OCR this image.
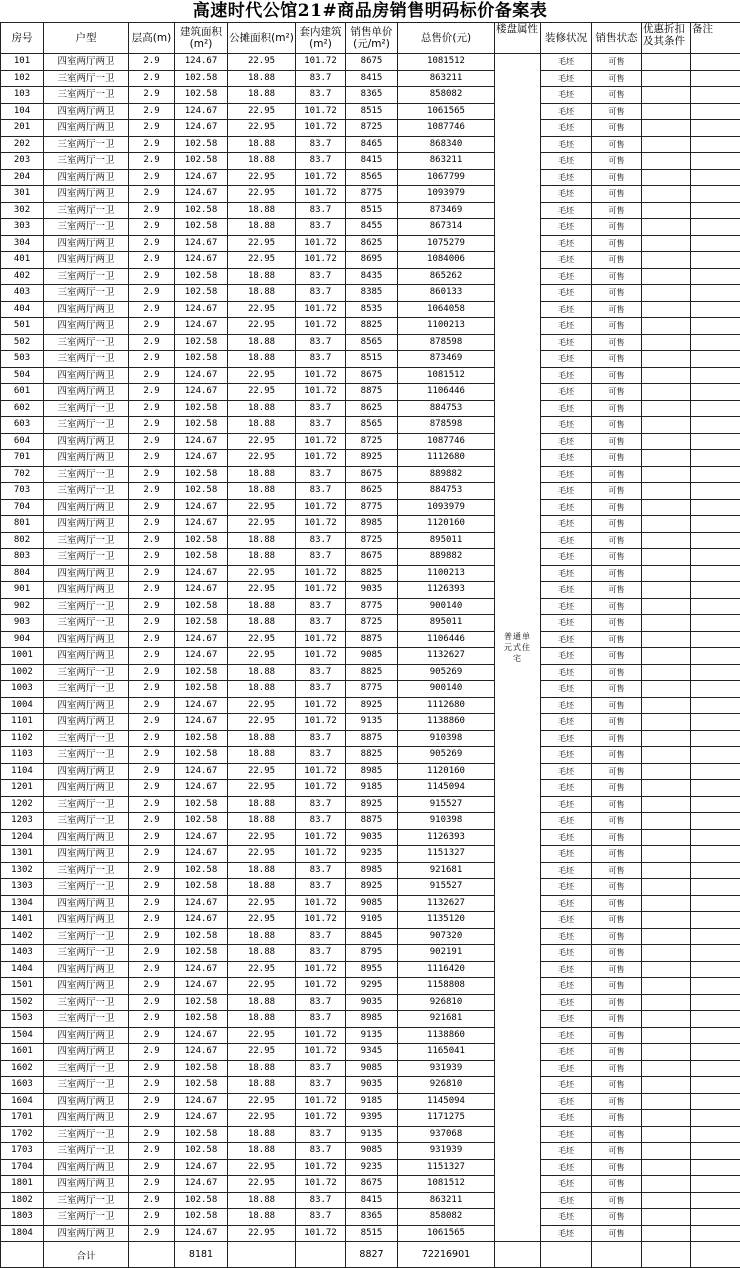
高速时代公馆21#商品房销售明码标价备案表
房号	户型	层高(m)	建筑面积(m²)	公摊面积(m²)	套内建筑(m²)	销售单价(元/m²)	总售价(元)	楼盘属性	装修状况	销售状态	优惠折扣及其条件	备注
101	四室两厅两卫	2.9	124.67	22.95	101.72	8675	1081512	普通单元式住宅	毛坯	可售		
102	三室两厅一卫	2.9	102.58	18.88	83.7	8415	863211		毛坯	可售		
103	三室两厅一卫	2.9	102.58	18.88	83.7	8365	858082		毛坯	可售		
104	四室两厅两卫	2.9	124.67	22.95	101.72	8515	1061565		毛坯	可售		
201	四室两厅两卫	2.9	124.67	22.95	101.72	8725	1087746		毛坯	可售		
202	三室两厅一卫	2.9	102.58	18.88	83.7	8465	868340		毛坯	可售		
203	三室两厅一卫	2.9	102.58	18.88	83.7	8415	863211		毛坯	可售		
204	四室两厅两卫	2.9	124.67	22.95	101.72	8565	1067799		毛坯	可售		
301	四室两厅两卫	2.9	124.67	22.95	101.72	8775	1093979		毛坯	可售		
302	三室两厅一卫	2.9	102.58	18.88	83.7	8515	873469		毛坯	可售		
303	三室两厅一卫	2.9	102.58	18.88	83.7	8455	867314		毛坯	可售		
304	四室两厅两卫	2.9	124.67	22.95	101.72	8625	1075279		毛坯	可售		
401	四室两厅两卫	2.9	124.67	22.95	101.72	8695	1084006		毛坯	可售		
402	三室两厅一卫	2.9	102.58	18.88	83.7	8435	865262		毛坯	可售		
403	三室两厅一卫	2.9	102.58	18.88	83.7	8385	860133		毛坯	可售		
404	四室两厅两卫	2.9	124.67	22.95	101.72	8535	1064058		毛坯	可售		
501	四室两厅两卫	2.9	124.67	22.95	101.72	8825	1100213		毛坯	可售		
502	三室两厅一卫	2.9	102.58	18.88	83.7	8565	878598		毛坯	可售		
503	三室两厅一卫	2.9	102.58	18.88	83.7	8515	873469		毛坯	可售		
504	四室两厅两卫	2.9	124.67	22.95	101.72	8675	1081512		毛坯	可售		
601	四室两厅两卫	2.9	124.67	22.95	101.72	8875	1106446		毛坯	可售		
602	三室两厅一卫	2.9	102.58	18.88	83.7	8625	884753		毛坯	可售		
603	三室两厅一卫	2.9	102.58	18.88	83.7	8565	878598		毛坯	可售		
604	四室两厅两卫	2.9	124.67	22.95	101.72	8725	1087746		毛坯	可售		
701	四室两厅两卫	2.9	124.67	22.95	101.72	8925	1112680		毛坯	可售		
702	三室两厅一卫	2.9	102.58	18.88	83.7	8675	889882		毛坯	可售		
703	三室两厅一卫	2.9	102.58	18.88	83.7	8625	884753		毛坯	可售		
704	四室两厅两卫	2.9	124.67	22.95	101.72	8775	1093979		毛坯	可售		
801	四室两厅两卫	2.9	124.67	22.95	101.72	8985	1120160		毛坯	可售		
802	三室两厅一卫	2.9	102.58	18.88	83.7	8725	895011		毛坯	可售		
803	三室两厅一卫	2.9	102.58	18.88	83.7	8675	889882		毛坯	可售		
804	四室两厅两卫	2.9	124.67	22.95	101.72	8825	1100213		毛坯	可售		
901	四室两厅两卫	2.9	124.67	22.95	101.72	9035	1126393		毛坯	可售		
902	三室两厅一卫	2.9	102.58	18.88	83.7	8775	900140		毛坯	可售		
903	三室两厅一卫	2.9	102.58	18.88	83.7	8725	895011		毛坯	可售		
904	四室两厅两卫	2.9	124.67	22.95	101.72	8875	1106446		毛坯	可售		
1001	四室两厅两卫	2.9	124.67	22.95	101.72	9085	1132627		毛坯	可售		
1002	三室两厅一卫	2.9	102.58	18.88	83.7	8825	905269		毛坯	可售		
1003	三室两厅一卫	2.9	102.58	18.88	83.7	8775	900140		毛坯	可售		
1004	四室两厅两卫	2.9	124.67	22.95	101.72	8925	1112680		毛坯	可售		
1101	四室两厅两卫	2.9	124.67	22.95	101.72	9135	1138860		毛坯	可售		
1102	三室两厅一卫	2.9	102.58	18.88	83.7	8875	910398		毛坯	可售		
1103	三室两厅一卫	2.9	102.58	18.88	83.7	8825	905269		毛坯	可售		
1104	四室两厅两卫	2.9	124.67	22.95	101.72	8985	1120160		毛坯	可售		
1201	四室两厅两卫	2.9	124.67	22.95	101.72	9185	1145094		毛坯	可售		
1202	三室两厅一卫	2.9	102.58	18.88	83.7	8925	915527		毛坯	可售		
1203	三室两厅一卫	2.9	102.58	18.88	83.7	8875	910398		毛坯	可售		
1204	四室两厅两卫	2.9	124.67	22.95	101.72	9035	1126393		毛坯	可售		
1301	四室两厅两卫	2.9	124.67	22.95	101.72	9235	1151327		毛坯	可售		
1302	三室两厅一卫	2.9	102.58	18.88	83.7	8985	921681		毛坯	可售		
1303	三室两厅一卫	2.9	102.58	18.88	83.7	8925	915527		毛坯	可售		
1304	四室两厅两卫	2.9	124.67	22.95	101.72	9085	1132627		毛坯	可售		
1401	四室两厅两卫	2.9	124.67	22.95	101.72	9105	1135120		毛坯	可售		
1402	三室两厅一卫	2.9	102.58	18.88	83.7	8845	907320		毛坯	可售		
1403	三室两厅一卫	2.9	102.58	18.88	83.7	8795	902191		毛坯	可售		
1404	四室两厅两卫	2.9	124.67	22.95	101.72	8955	1116420		毛坯	可售		
1501	四室两厅两卫	2.9	124.67	22.95	101.72	9295	1158808		毛坯	可售		
1502	三室两厅一卫	2.9	102.58	18.88	83.7	9035	926810		毛坯	可售		
1503	三室两厅一卫	2.9	102.58	18.88	83.7	8985	921681		毛坯	可售		
1504	四室两厅两卫	2.9	124.67	22.95	101.72	9135	1138860		毛坯	可售		
1601	四室两厅两卫	2.9	124.67	22.95	101.72	9345	1165041		毛坯	可售		
1602	三室两厅一卫	2.9	102.58	18.88	83.7	9085	931939		毛坯	可售		
1603	三室两厅一卫	2.9	102.58	18.88	83.7	9035	926810		毛坯	可售		
1604	四室两厅两卫	2.9	124.67	22.95	101.72	9185	1145094		毛坯	可售		
1701	四室两厅两卫	2.9	124.67	22.95	101.72	9395	1171275		毛坯	可售		
1702	三室两厅一卫	2.9	102.58	18.88	83.7	9135	937068		毛坯	可售		
1703	三室两厅一卫	2.9	102.58	18.88	83.7	9085	931939		毛坯	可售		
1704	四室两厅两卫	2.9	124.67	22.95	101.72	9235	1151327		毛坯	可售		
1801	四室两厅两卫	2.9	124.67	22.95	101.72	8675	1081512		毛坯	可售		
1802	三室两厅一卫	2.9	102.58	18.88	83.7	8415	863211		毛坯	可售		
1803	三室两厅一卫	2.9	102.58	18.88	83.7	8365	858082		毛坯	可售		
1804	四室两厅两卫	2.9	124.67	22.95	101.72	8515	1061565		毛坯	可售		
	合计		8181			8827	72216901					
